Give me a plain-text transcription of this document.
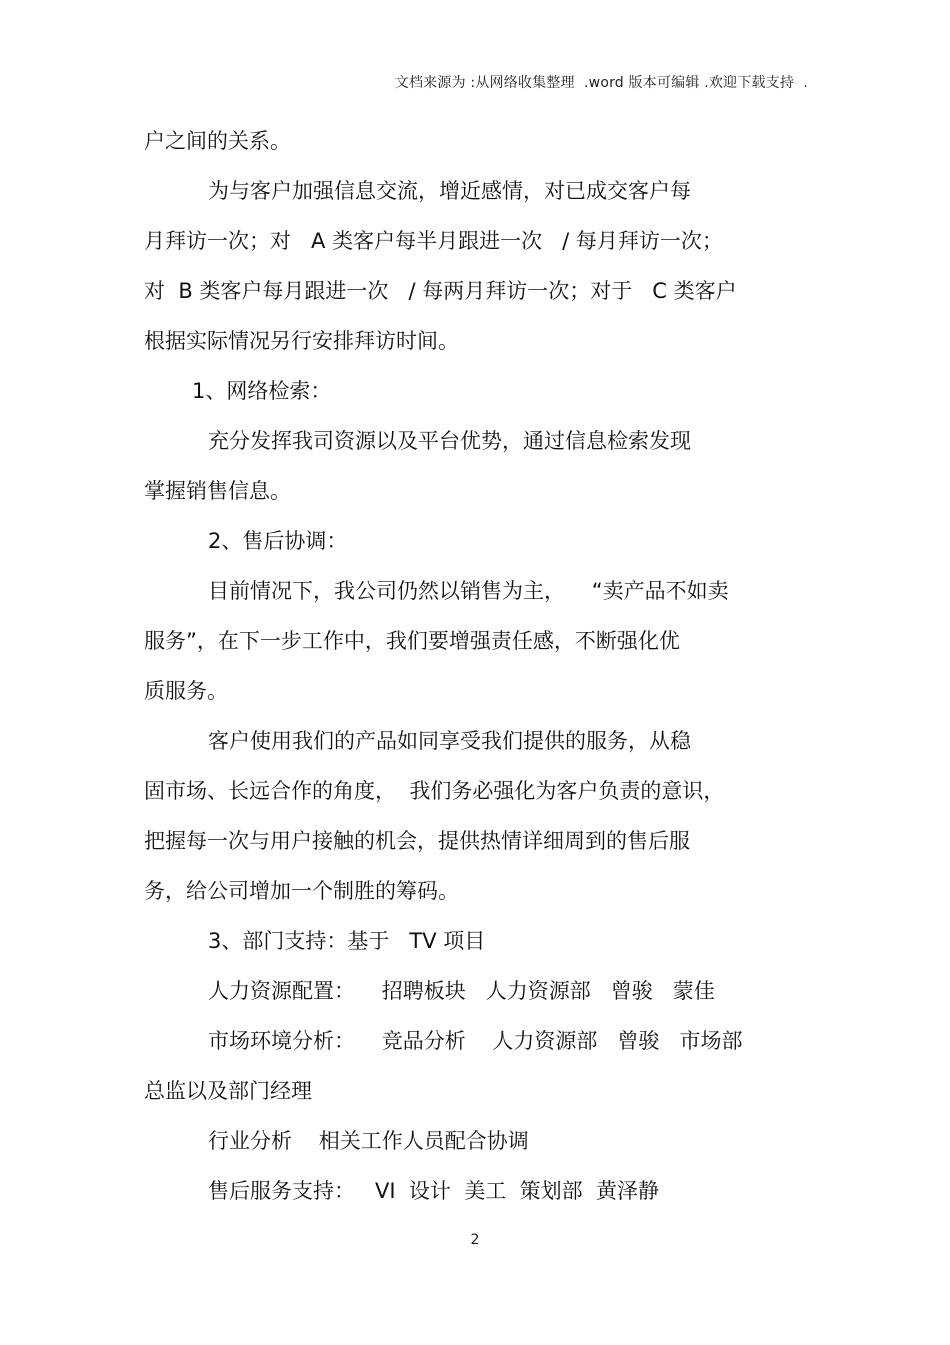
文档来源为 :从网络收集整理  .word 版本可编辑 .欢迎下载支持  .
户之间的关系。
为与客户加强信息交流，增近感情，对已成交客户每
月拜访一次；对   A 类客户每半月跟进一次   / 每月拜访一次；
对  B 类客户每月跟进一次   / 每两月拜访一次；对于   C 类客户
根据实际情况另行安排拜访时间。
1、网络检索：
充分发挥我司资源以及平台优势，通过信息检索发现
掌握销售信息。
2、售后协调：
目前情况下，我公司仍然以销售为主，    “卖产品不如卖
服务”，在下一步工作中，我们要增强责任感，不断强化优
质服务。
客户使用我们的产品如同享受我们提供的服务，从稳
固市场、长远合作的角度，  我们务必强化为客户负责的意识，
把握每一次与用户接触的机会，提供热情详细周到的售后服
务，给公司增加一个制胜的筹码。
3、部门支持：基于   TV 项目
人力资源配置：    招聘板块   人力资源部   曾骏   蒙佳
市场环境分析：    竞品分析    人力资源部   曾骏   市场部
总监以及部门经理
行业分析    相关工作人员配合协调
售后服务支持：   VI  设计  美工  策划部  黄泽静
2
